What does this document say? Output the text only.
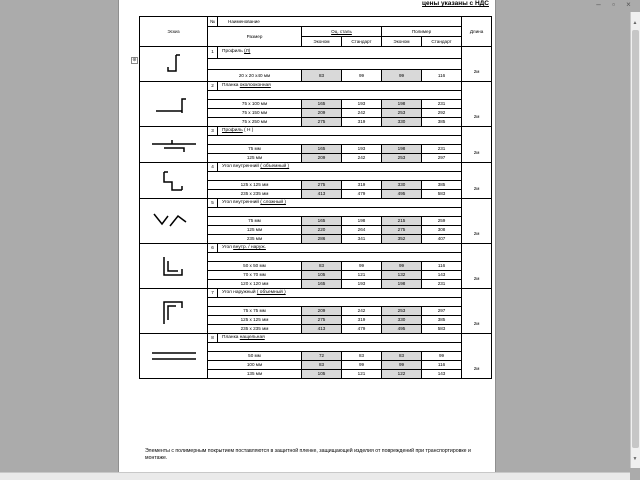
цены указаны с НДС
⊕
Эскиз	№	Наименование					Длина
	Размер		Оц. сталь		Полимер		
			Эконом	Стандарт	Эконом	Стандарт	

	1	Профиль (Л)					2м

	20 х 20 х40 мм		83	99	99	116	

	2	Планка околооконная					2м

	75 х 100 мм		165	193	198	231	
	75 х 150 мм		209	242	253	292	
	75 х 250 мм		275	319	330	385	

	3	Профиль ( Н )					2м

	75 мм		165	193	198	231	
	125 мм		209	242	253	297	

	4	Угол внутренний ( объемный )					2м

	125 х 125 мм		275	319	330	385	
	235 х 235 мм		413	479	495	583	

	5	Угол внутренний ( сложный )					2м

	75 мм		165	198	215	259	
	125 мм		220	264	275	308	
	235 мм		286	341	352	407	

	6	Угол внутр. / наруж.					2м

	50 х 50 мм		83	99	99	116	
	70 х 70 мм		105	121	132	143	
	120 х 120 мм		165	193	198	231	

	7	Угол наружный ( объемный )					2м

	75 х 75 мм		209	242	253	297	
	125 х 125 мм		275	319	330	385	
	235 х 235 мм		413	479	495	583	

	8	Планка нащельная					2м

	50 мм		72	83	83	99	
	100 мм		83	99	99	116	
	135 мм		105	121	122	143	
Элементы с полимерным покрытием поставляются в защитной пленке, защищающей изделия от повреждений при транспортировке и монтаже.
–	▫	×
▲
▼
